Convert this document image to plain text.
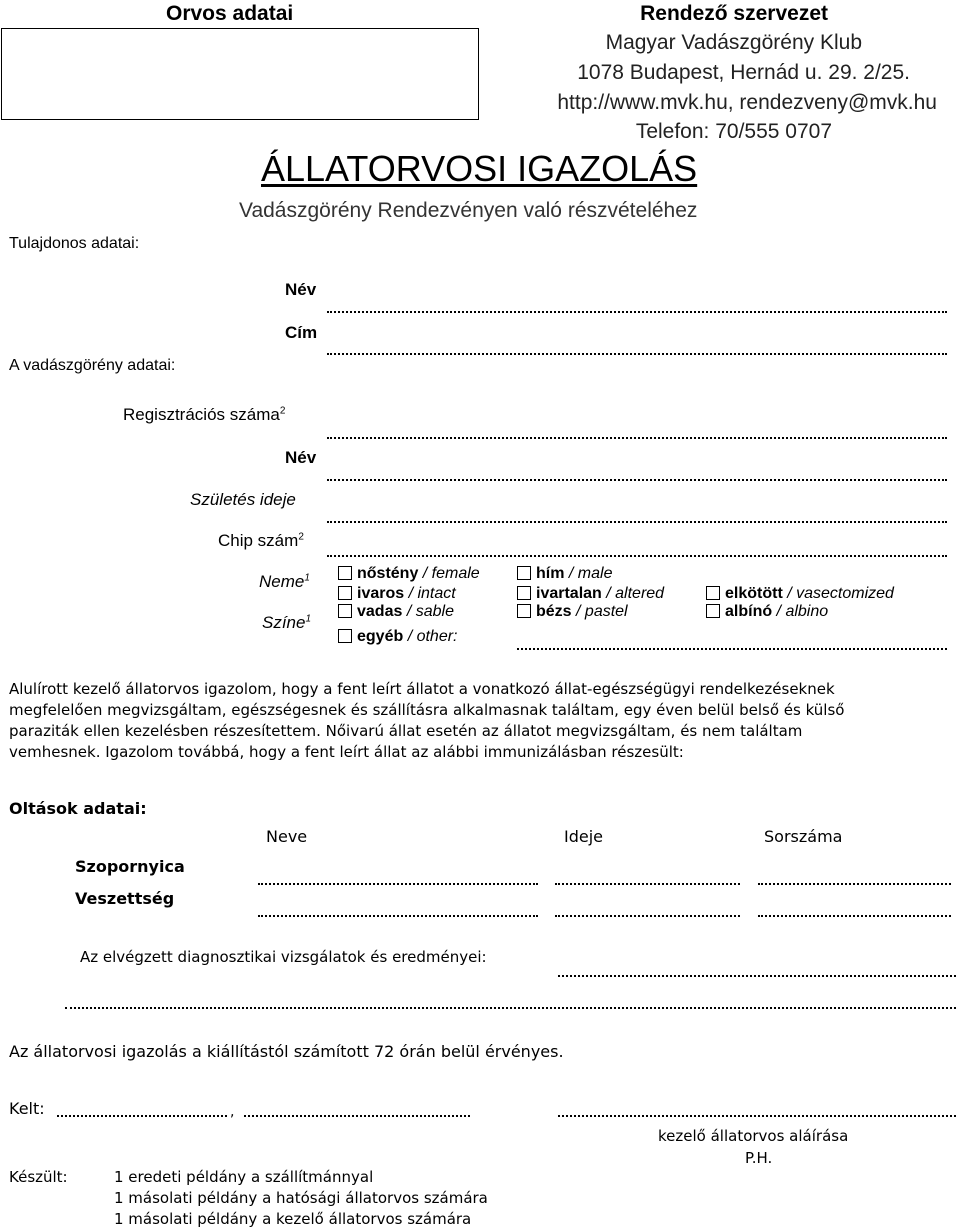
Orvos adatai	Rendező szervezet
Magyar Vadászgörény Klub
1078 Budapest, Hernád u. 29. 2/25.
http://www.mvk.hu, rendezveny@mvk.hu
Telefon: 70/555 0707
ÁLLATORVOSI IGAZOLÁS
Vadászgörény Rendezvényen való részvételéhez
Tulajdonos adatai:
Név
Cím
A vadászgörény adatai:
Regisztrációs száma$^2$
Név
Születés ideje
Chip szám$^2$
Neme$^1$
Színe$^1$
nőstény / female	hím / male
ivaros / intact	ivartalan / altered	elkötött / vasectomized
vadas / sable	bézs / pastel	albínó / albino
egyéb / other:
Alulírott kezelő állatorvos igazolom, hogy a fent leírt állatot a vonatkozó állat-egészségügyi rendelkezéseknek
megfelelően megvizsgáltam, egészségesnek és szállításra alkalmasnak találtam, egy éven belül belső és külső
paraziták ellen kezelésben részesítettem. Nőivarú állat esetén az állatot megvizsgáltam, és nem találtam
vemhesnek. Igazolom továbbá, hogy a fent leírt állat az alábbi immunizálásban részesült:
Oltások adatai:
Neve	Ideje	Sorszáma
Szopornyica
Veszettség
Az elvégzett diagnosztikai vizsgálatok és eredményei:
Az állatorvosi igazolás a kiállítástól számított 72 órán belül érvényes.
Kelt:	,
kezelő állatorvos aláírása
P.H.
Készült:	1 eredeti példány a szállítmánnyal
1 másolati példány a hatósági állatorvos számára
1 másolati példány a kezelő állatorvos számára
